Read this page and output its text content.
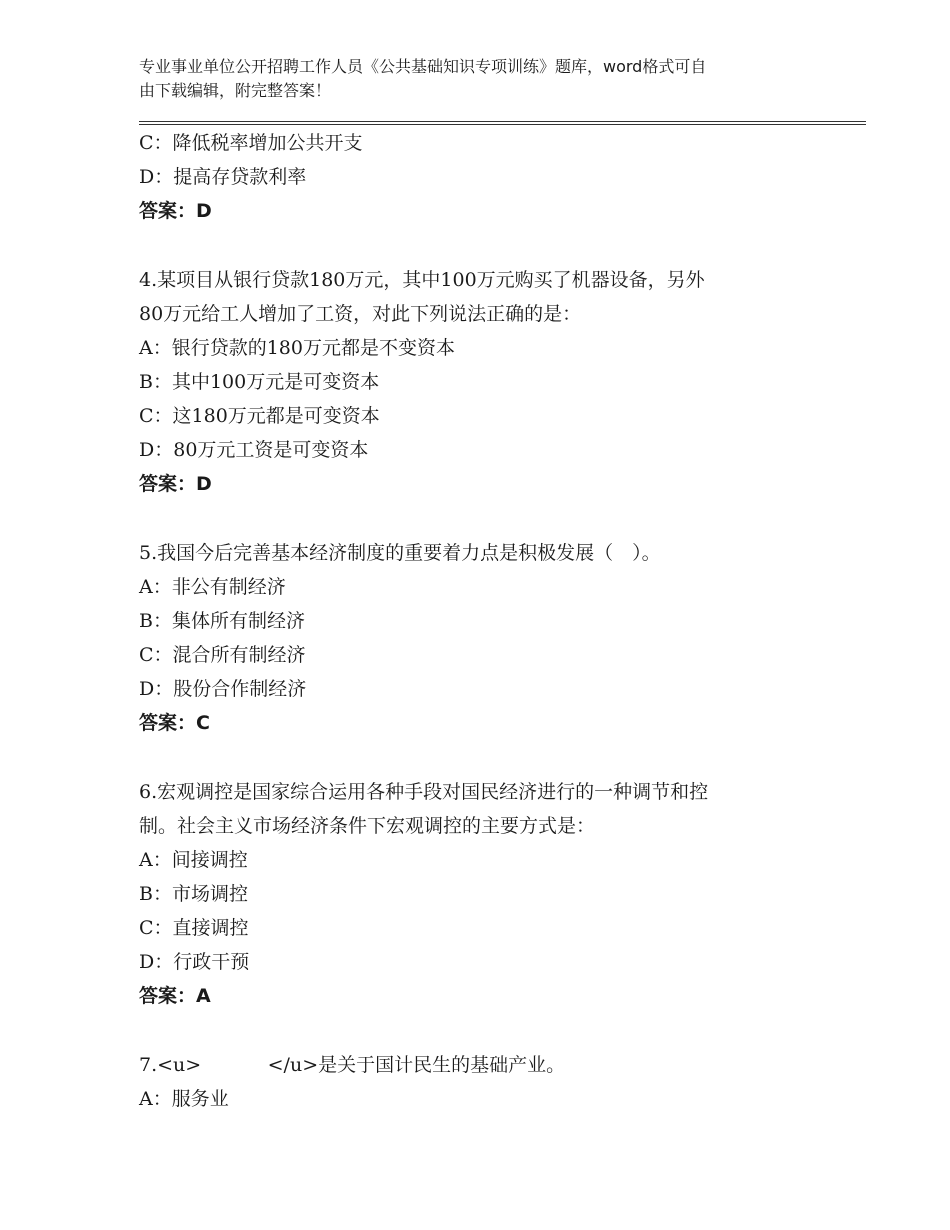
专业事业单位公开招聘工作人员《公共基础知识专项训练》题库，word格式可自
由下载编辑，附完整答案！
C：降低税率增加公共开支
D：提高存贷款利率
答案：D
4.某项目从银行贷款180万元，其中100万元购买了机器设备，另外
80万元给工人增加了工资，对此下列说法正确的是：
A：银行贷款的180万元都是不变资本
B：其中100万元是可变资本
C：这180万元都是可变资本
D：80万元工资是可变资本
答案：D
5.我国今后完善基本经济制度的重要着力点是积极发展（　）。
A：非公有制经济
B：集体所有制经济
C：混合所有制经济
D：股份合作制经济
答案：C
6.宏观调控是国家综合运用各种手段对国民经济进行的一种调节和控
制。社会主义市场经济条件下宏观调控的主要方式是：
A：间接调控
B：市场调控
C：直接调控
D：行政干预
答案：A
7.<u>           </u>是关于国计民生的基础产业。
A：服务业
